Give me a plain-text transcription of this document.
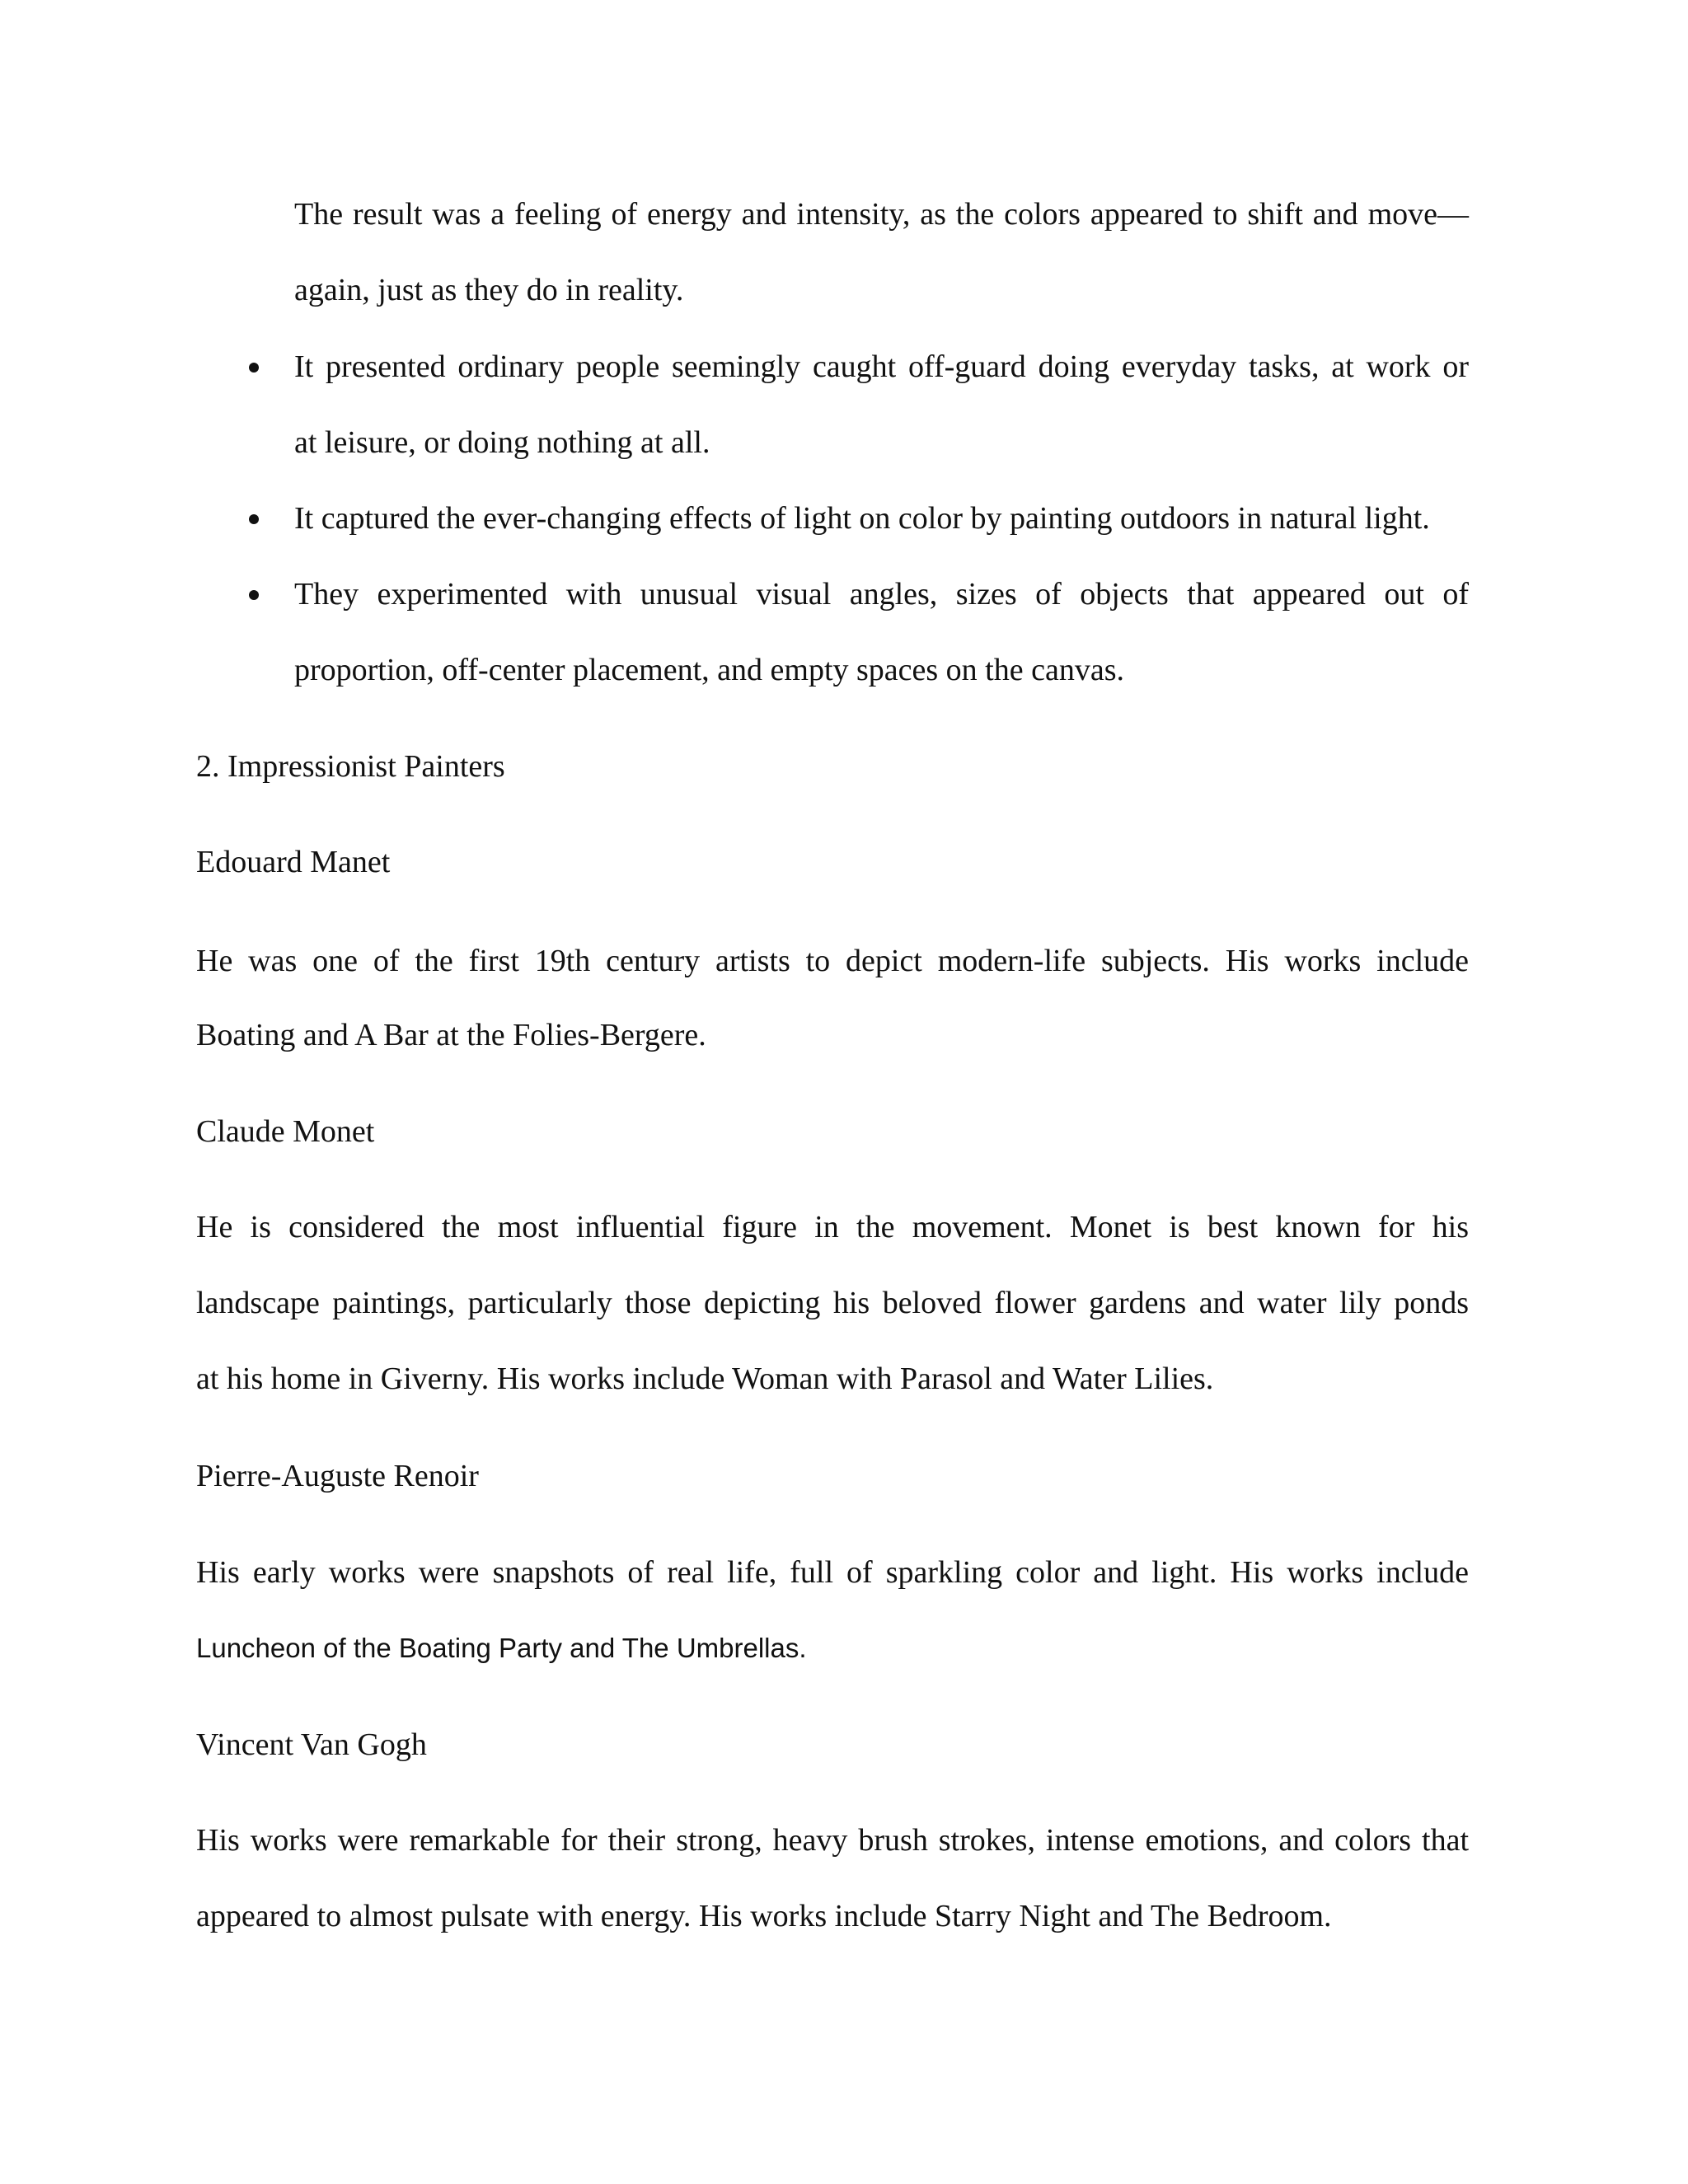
The result was a feeling of energy and intensity, as the colors appeared to shift and move—
again, just as they do in reality.
It presented ordinary people seemingly caught off-guard doing everyday tasks, at work or
at leisure, or doing nothing at all.
It captured the ever-changing effects of light on color by painting outdoors in natural light.
They experimented with unusual visual angles, sizes of objects that appeared out of
proportion, off-center placement, and empty spaces on the canvas.
2. Impressionist Painters
Edouard Manet
He was one of the first 19th century artists to depict modern-life subjects. His works include
Boating and A Bar at the Folies-Bergere.
Claude Monet
He is considered the most influential figure in the movement. Monet is best known for his
landscape paintings, particularly those depicting his beloved flower gardens and water lily ponds
at his home in Giverny. His works include Woman with Parasol and Water Lilies.
Pierre-Auguste Renoir
His early works were snapshots of real life, full of sparkling color and light. His works include
Luncheon of the Boating Party and The Umbrellas.
Vincent Van Gogh
His works were remarkable for their strong, heavy brush strokes, intense emotions, and colors that
appeared to almost pulsate with energy. His works include Starry Night and The Bedroom.
